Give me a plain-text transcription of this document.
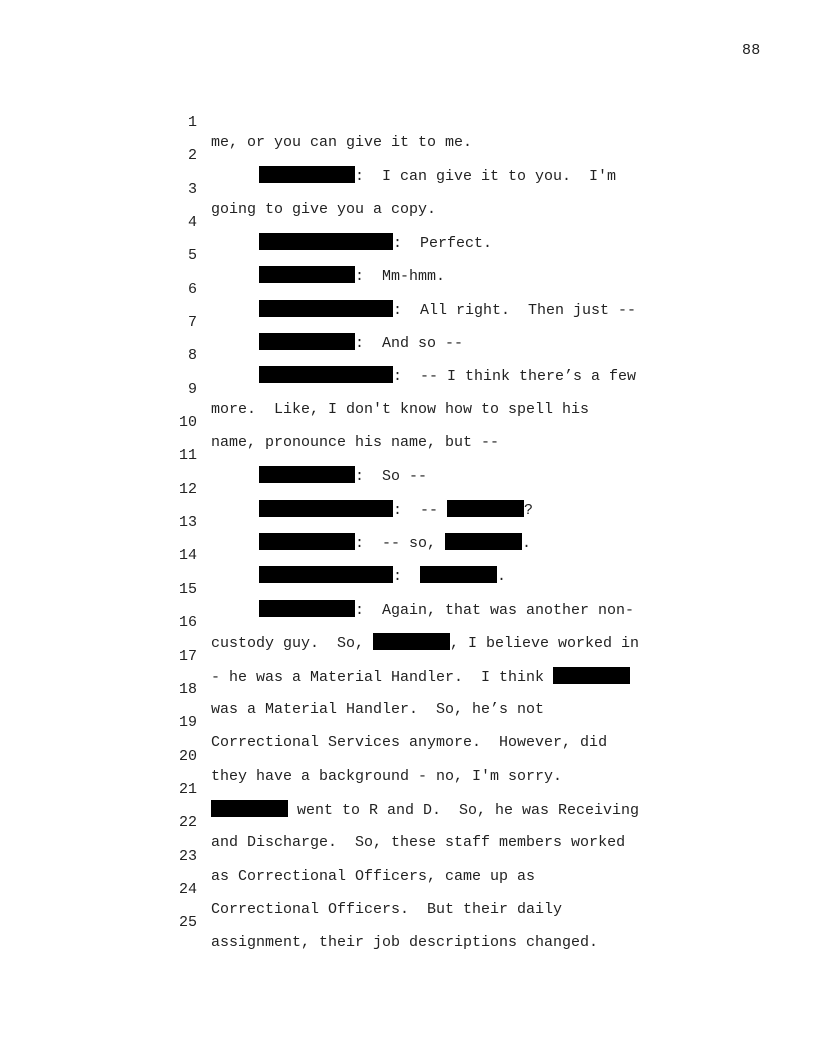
88

1

me, or you can give it to me.

2

:  I can give it to you.  I'm

3

going to give you a copy.

4

:  Perfect.

5

:  Mm-hmm.

6

:  All right.  Then just --

7

:  And so --

8

:  -- I think there’s a few

9

more.  Like, I don't know how to spell his

10

name, pronounce his name, but --

11

:  So --

12

:  --	?

13

:  -- so,	.

14

:	.

15

:  Again, that was another non-

16

custody guy.  So,	, I believe worked in

17

- he was a Material Handler.  I think

18

was a Material Handler.  So, he’s not

19

Correctional Services anymore.  However, did

20

they have a background - no, I'm sorry.

21

went to R and D.  So, he was Receiving

22

and Discharge.  So, these staff members worked

23

as Correctional Officers, came up as

24

Correctional Officers.  But their daily

25

assignment, their job descriptions changed.
